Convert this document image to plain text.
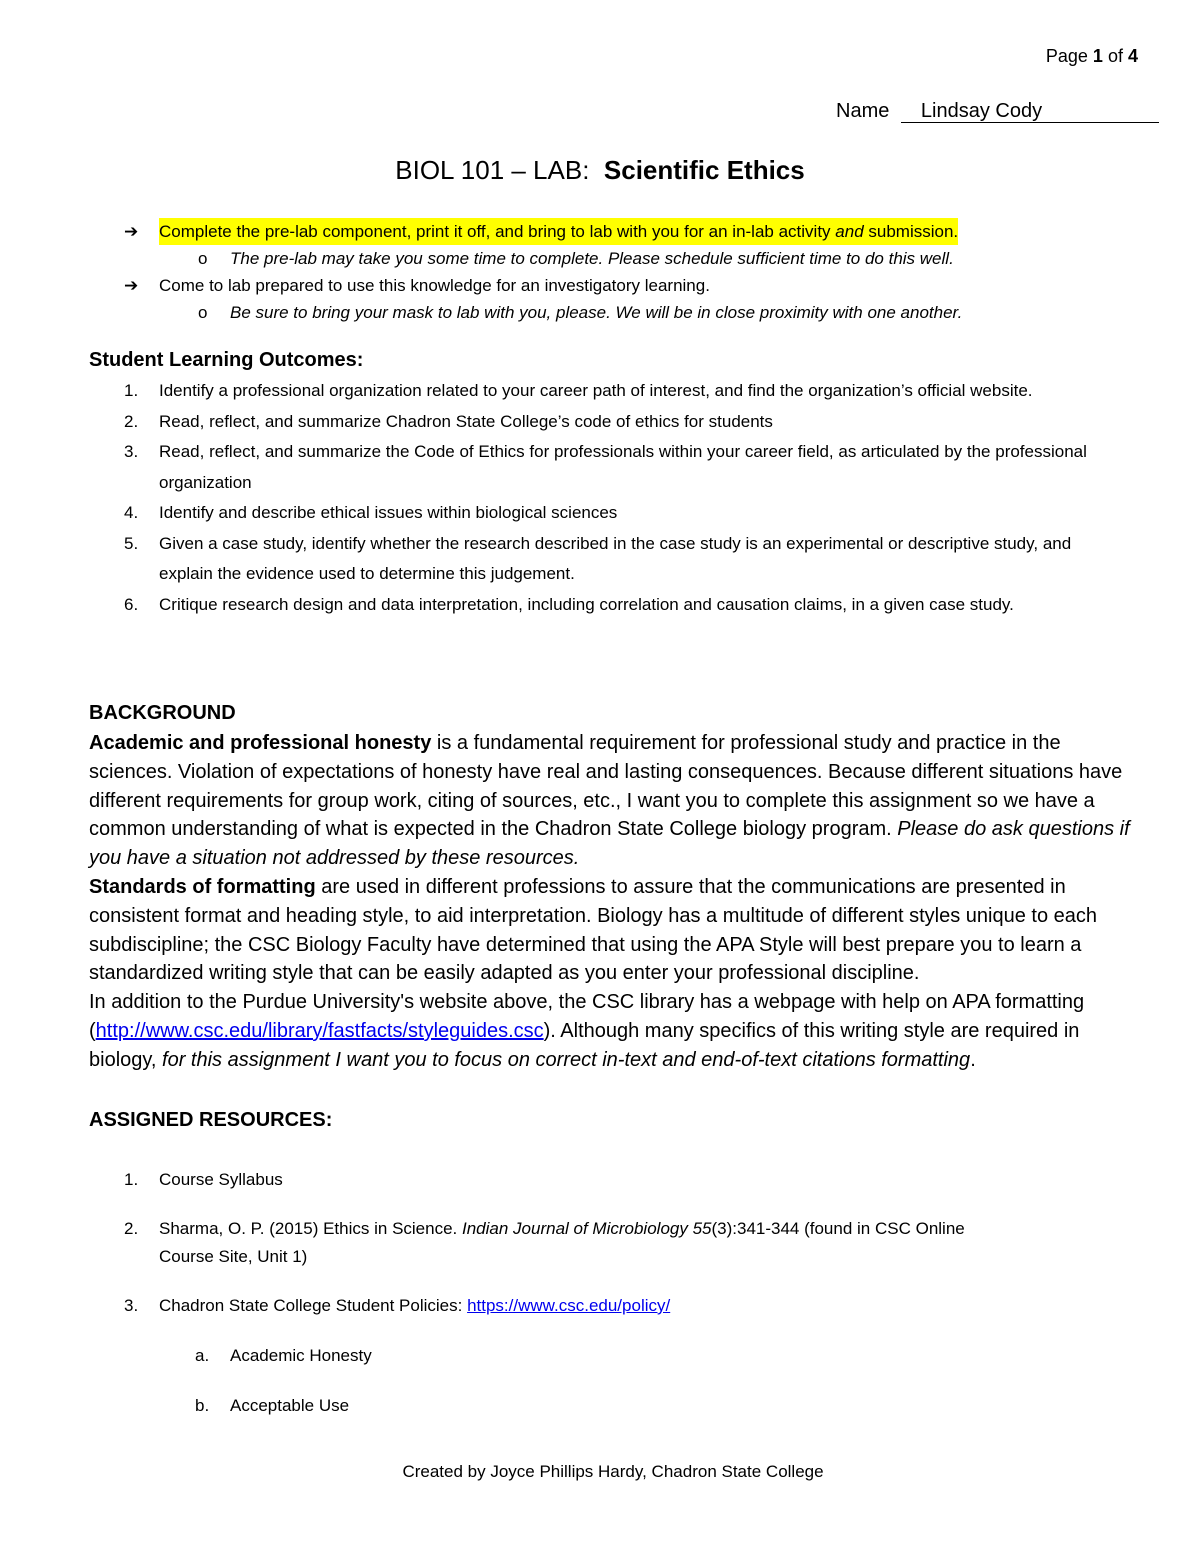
Page 1 of 4
Name Lindsay Cody
BIOL 101 – LAB: Scientific Ethics
➔	Complete the pre-lab component, print it off, and bring to lab with you for an in-lab activity and submission.
o The pre-lab may take you some time to complete. Please schedule sufficient time to do this well.
➔	Come to lab prepared to use this knowledge for an investigatory learning.
o Be sure to bring your mask to lab with you, please. We will be in close proximity with one another.
Student Learning Outcomes:
1. Identify a professional organization related to your career path of interest, and find the organization’s official website.
2. Read, reflect, and summarize Chadron State College’s code of ethics for students
3. Read, reflect, and summarize the Code of Ethics for professionals within your career field, as articulated by the professional organization
4. Identify and describe ethical issues within biological sciences
5. Given a case study, identify whether the research described in the case study is an experimental or descriptive study, and explain the evidence used to determine this judgement.
6. Critique research design and data interpretation, including correlation and causation claims, in a given case study.
BACKGROUND

Academic and professional honesty is a fundamental requirement for professional study and practice in the sciences. Violation of expectations of honesty have real and lasting consequences. Because different situations have different requirements for group work, citing of sources, etc., I want you to complete this assignment so we have a common understanding of what is expected in the Chadron State College biology program. Please do ask questions if you have a situation not addressed by these resources.

Standards of formatting are used in different professions to assure that the communications are presented in consistent format and heading style, to aid interpretation. Biology has a multitude of different styles unique to each subdiscipline; the CSC Biology Faculty have determined that using the APA Style will best prepare you to learn a standardized writing style that can be easily adapted as you enter your professional discipline.

In addition to the Purdue University's website above, the CSC library has a webpage with help on APA formatting (http://www.csc.edu/library/fastfacts/styleguides.csc). Although many specifics of this writing style are required in biology, for this assignment I want you to focus on correct in-text and end-of-text citations formatting.

ASSIGNED RESOURCES:
1. Course Syllabus
2. Sharma, O. P. (2015) Ethics in Science. Indian Journal of Microbiology 55(3):341-344 (found in CSC Online
Course Site, Unit 1)
3. Chadron State College Student Policies: https://www.csc.edu/policy/
a. Academic Honesty
b. Acceptable Use
Created by Joyce Phillips Hardy, Chadron State College
